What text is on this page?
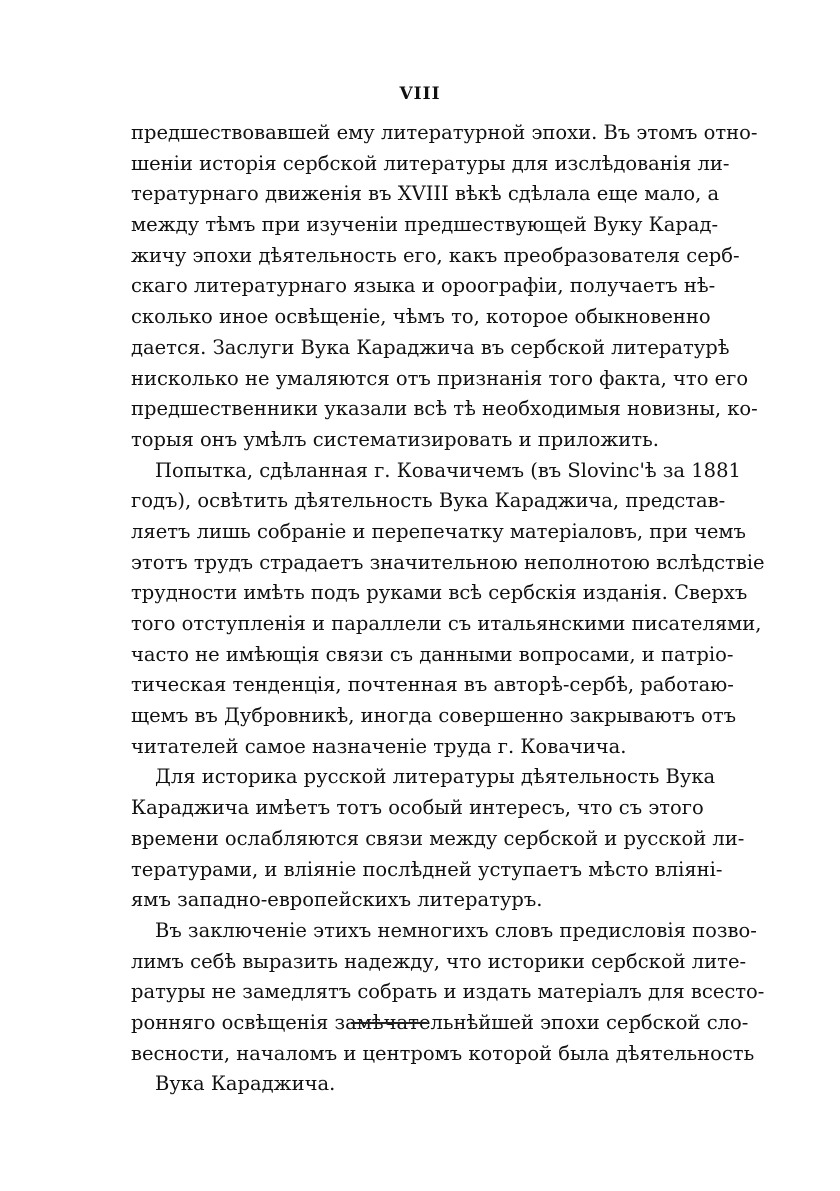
VIII
предшествовавшей ему литературной эпохи. Въ этомъ отно-
шеніи исторія сербской литературы для изслѣдованія ли-
тературнаго движенія въ XVIII вѣкѣ сдѣлала еще мало, а
между тѣмъ при изученіи предшествующей Вуку Карад-
жичу эпохи дѣятельность его, какъ преобразователя серб-
скаго литературнаго языка и ороографіи, получаетъ нѣ-
сколько иное освѣщеніе, чѣмъ то, которое обыкновенно
дается. Заслуги Вука Караджича въ сербской литературѣ
нисколько не умаляются отъ признанія того факта, что его
предшественники указали всѣ тѣ необходимыя новизны, ко-
торыя онъ умѣлъ систематизировать и приложить.
Попытка, сдѣланная г. Ковачичемъ (въ Slovinc'ѣ за 1881
годъ), освѣтить дѣятельность Вука Караджича, представ-
ляетъ лишь собраніе и перепечатку матеріаловъ, при чемъ
этотъ трудъ страдаетъ значительною неполнотою вслѣдствіе
трудности имѣть подъ руками всѣ сербскія изданія. Сверхъ
того отступленія и параллели съ итальянскими писателями,
часто не имѣющія связи съ данными вопросами, и патріо-
тическая тенденція, почтенная въ авторѣ-сербѣ, работаю-
щемъ въ Дубровникѣ, иногда совершенно закрываютъ отъ
читателей самое назначеніе труда г. Ковачича.
Для историка русской литературы дѣятельность Вука
Караджича имѣетъ тотъ особый интересъ, что съ этого
времени ослабляются связи между сербской и русской ли-
тературами, и вліяніе послѣдней уступаетъ мѣсто вліяні-
ямъ западно-европейскихъ литературъ.
Въ заключеніе этихъ немногихъ словъ предисловія позво-
лимъ себѣ выразить надежду, что историки сербской лите-
ратуры не замедлятъ собрать и издать матеріалъ для всесто-
ронняго освѣщенія замѣчательнѣйшей эпохи сербской сло-
весности, началомъ и центромъ которой была дѣятельность
Вука Караджича.
